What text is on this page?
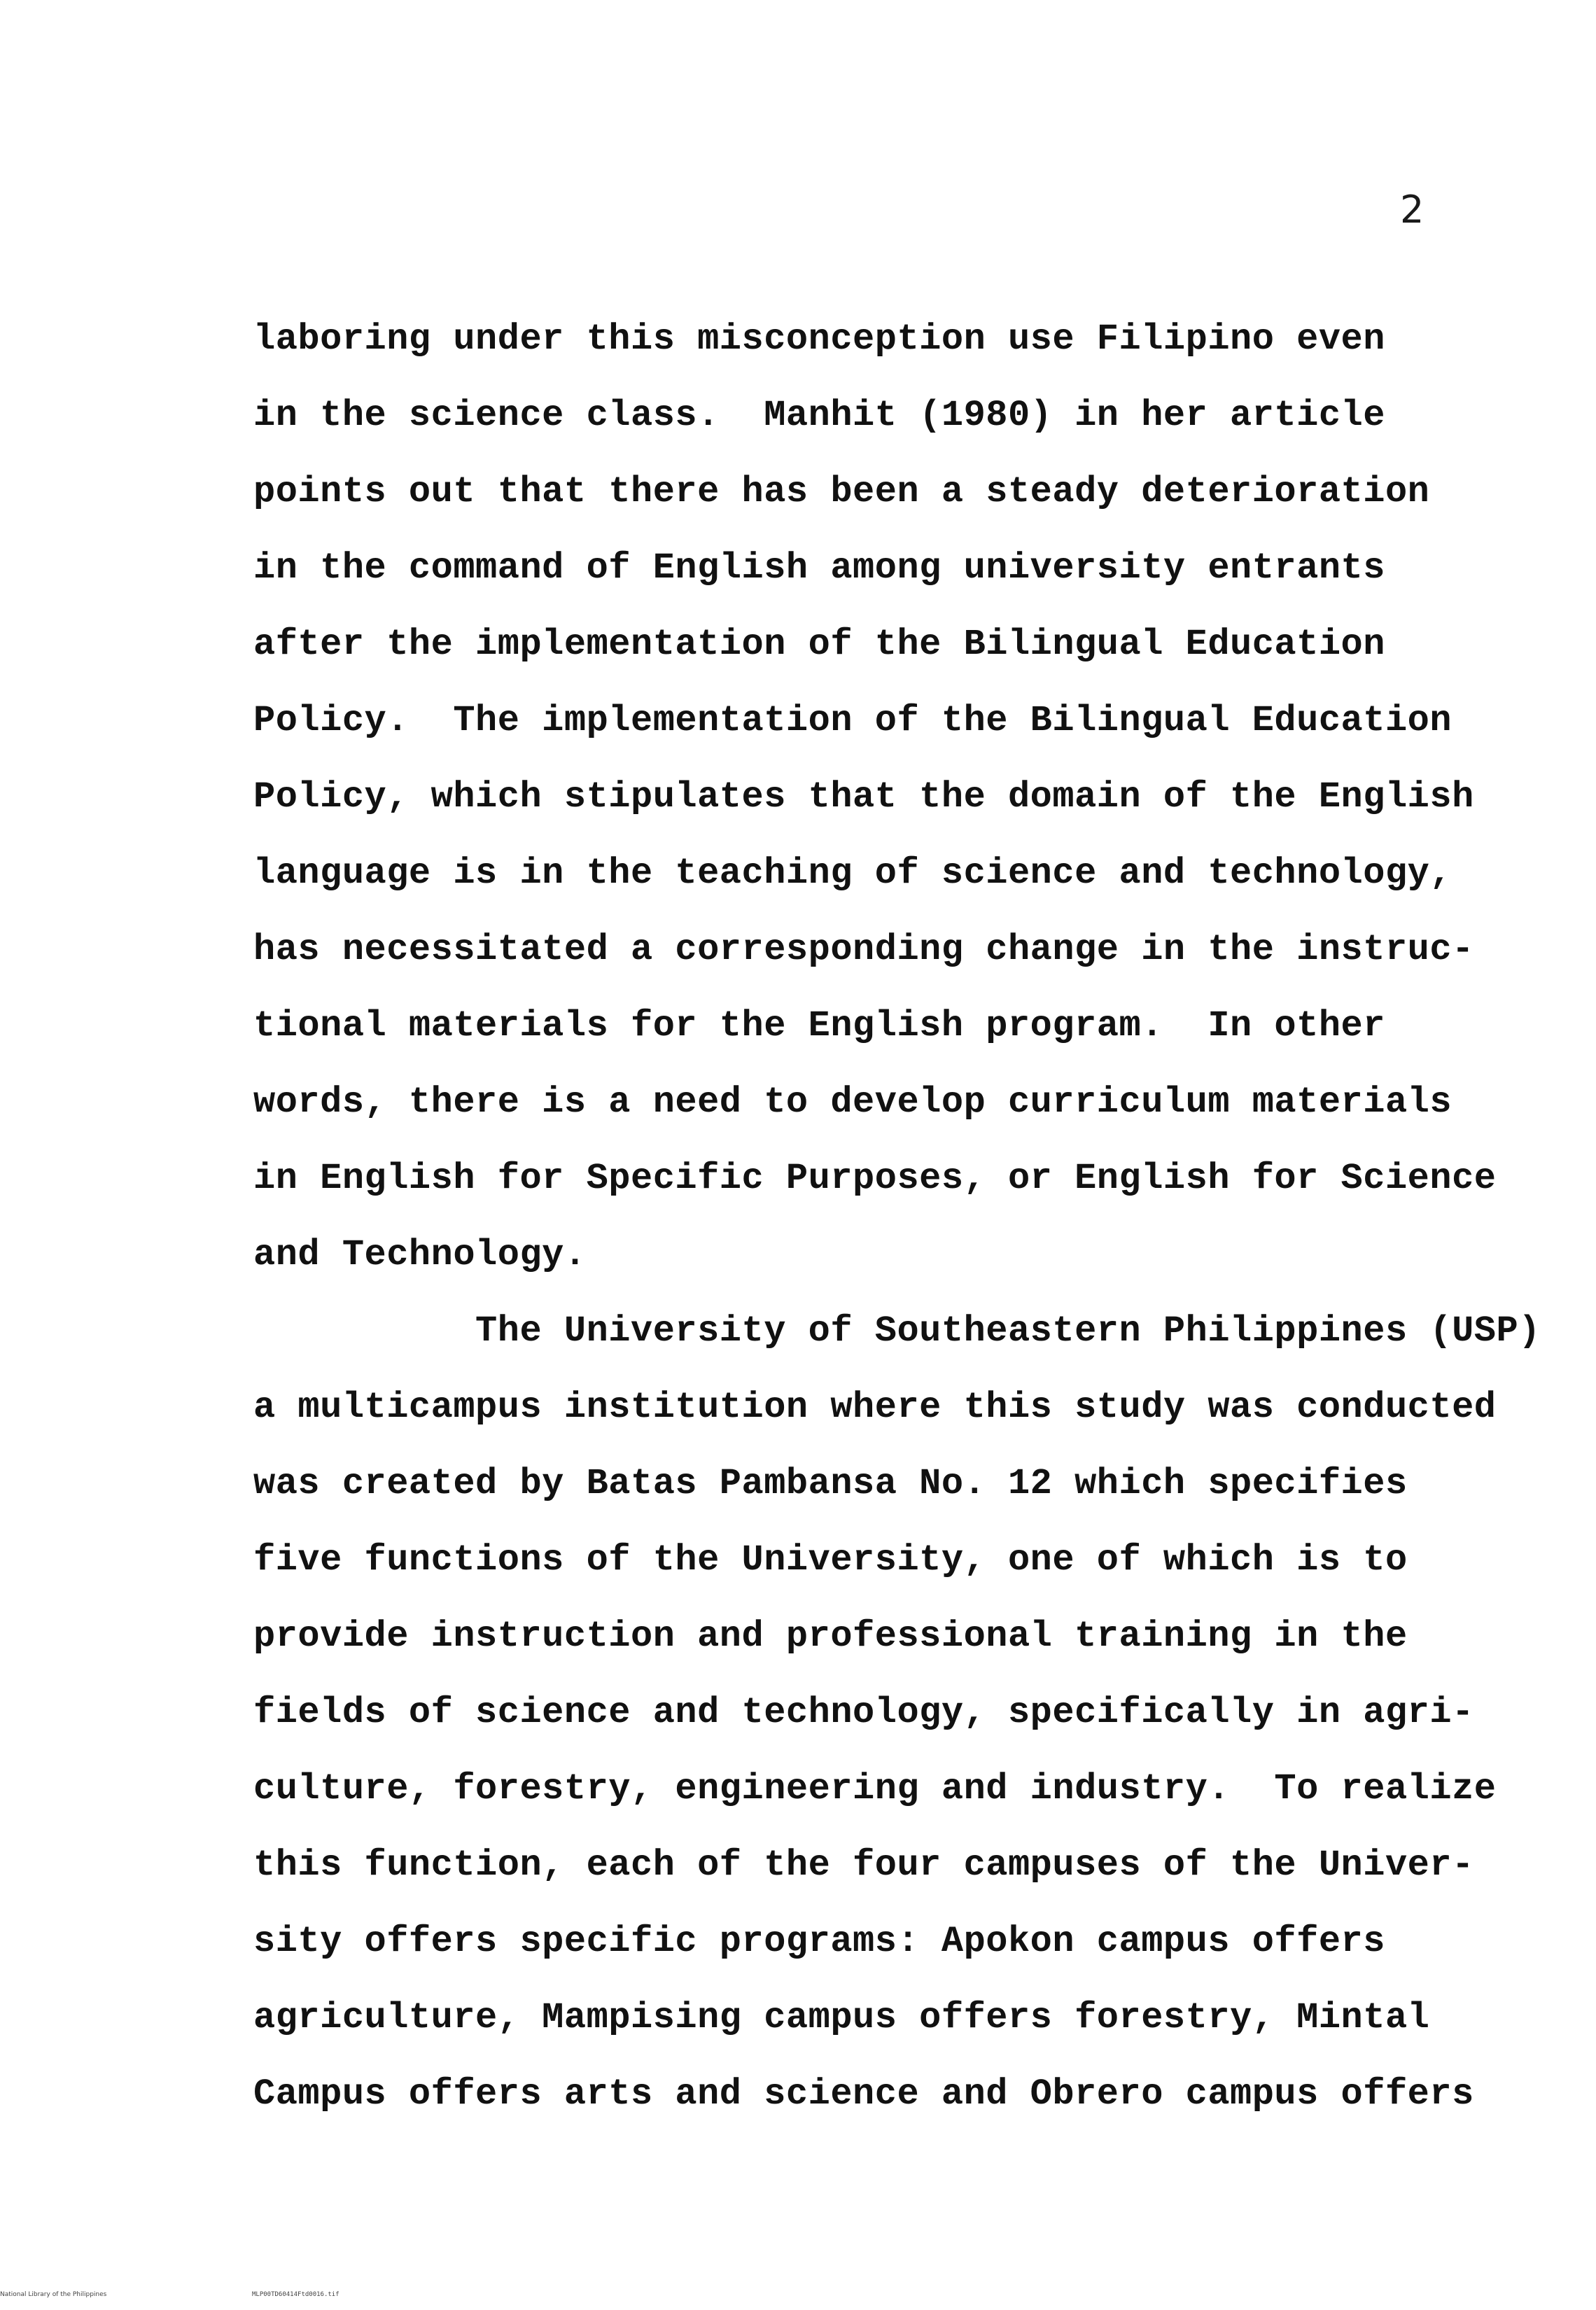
2
laboring under this misconception use Filipino even
in the science class.  Manhit (1980) in her article
points out that there has been a steady deterioration
in the command of English among university entrants
after the implementation of the Bilingual Education
Policy.  The implementation of the Bilingual Education
Policy, which stipulates that the domain of the English
language is in the teaching of science and technology,
has necessitated a corresponding change in the instruc-
tional materials for the English program.  In other
words, there is a need to develop curriculum materials
in English for Specific Purposes, or English for Science
and Technology.
The University of Southeastern Philippines (USP)
a multicampus institution where this study was conducted
was created by Batas Pambansa No. 12 which specifies
five functions of the University, one of which is to
provide instruction and professional training in the
fields of science and technology, specifically in agri-
culture, forestry, engineering and industry.  To realize
this function, each of the four campuses of the Univer-
sity offers specific programs: Apokon campus offers
agriculture, Mampising campus offers forestry, Mintal
Campus offers arts and science and Obrero campus offers
National Library of the Philippines	MLP00TD60414Ftd0016.tif
